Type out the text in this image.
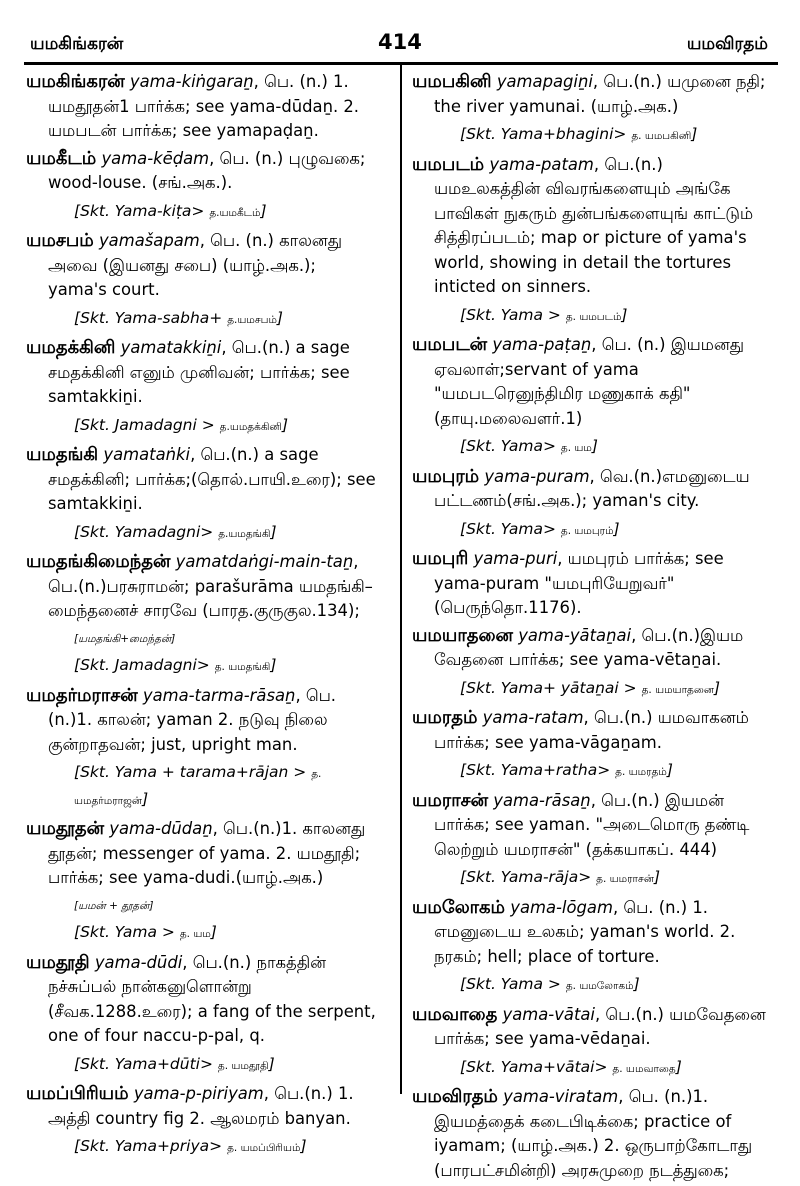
யமகிங்கரன்	414	யமவிரதம்

யமகிங்கரன் yama-kiṅgaraṉ, பெ. (n.) 1. யமதூதன்1 பார்க்க; see yama-dūdaṉ. 2. யமபடன் பார்க்க; see yamapaḍaṉ.

யமகீடம் yama-kēḍam, பெ. (n.) புழுவகை; wood-louse. (சங்.அக.).

[Skt. Yama-kiṭa> த.யமகீடம்]

யமசபம் yamašapam, பெ. (n.) காலனது அவை (இயனது சபை) (யாழ்.அக.); yama's court.

[Skt. Yama-sabha+ த.யமசபம்]

யமதக்கினி yamatakkiṉi, பெ.(n.) a sage சமதக்கினி எனும் முனிவன்; பார்க்க; see samtakkiṉi.

[Skt. Jamadagni > த.யமதக்கினி]

யமதங்கி yamataṅki, பெ.(n.) a sage சமதக்கினி; பார்க்க;(தொல்.பாயி.உரை); see samtakkiṉi.

[Skt. Yamadagni> த.யமதங்கி]

யமதங்கிமைந்தன் yamatdaṅgi-main-taṉ, பெ.(n.)பரசுராமன்; parašurāma யமதங்கி– மைந்தனைச் சாரவே (பாரத.குருகுல.134);

[யமதங்கி+மைந்தன்]

[Skt. Jamadagni> த. யமதங்கி]

யமதர்மராசன் yama-tarma-rāsaṉ, பெ.(n.)1. காலன்; yaman 2. நடுவு நிலை குன்றாதவன்; just, upright man.

[Skt. Yama + tarama+rājan > த. யமதர்மராஜன்]

யமதூதன் yama-dūdaṉ, பெ.(n.)1. காலனது தூதன்; messenger of yama. 2. யமதூதி; பார்க்க; see yama-dudi.(யாழ்.அக.)

[யமன் + தூதன்]

[Skt. Yama > த. யம]

யமதூதி yama-dūdi, பெ.(n.) நாகத்தின் நச்சுப்பல் நான்கனுளொன்று (சீவக.1288.உரை); a fang of the serpent, one of four naccu-p-pal, q.

[Skt. Yama+dūti> த. யமதூதி]

யமப்பிரியம் yama-p-piriyam, பெ.(n.) 1. அத்தி country fig 2. ஆலமரம் banyan.

[Skt. Yama+priya> த. யமப்பிரியம்]

யமபகினி yamapagiṉi, பெ.(n.) யமுனை நதி; the river yamunai. (யாழ்.அக.)

[Skt. Yama+bhagini> த. யமபகினி]

யமபடம் yama-patam, பெ.(n.) யமஉலகத்தின் விவரங்களையும் அங்கே பாவிகள் நுகரும் துன்பங்களையுங் காட்டும் சித்திரப்படம்; map or picture of yama's world, showing in detail the tortures inticted on sinners.

[Skt. Yama > த. யமபடம்]

யமபடன் yama-paṭaṉ, பெ. (n.) இயமனது ஏவலாள்;servant of yama "யமபடரெனுந்திமிர மணுகாக் கதி" (தாயு.மலைவளர்.1)

[Skt. Yama> த. யம]

யமபுரம் yama-puram, வெ.(n.)எமனுடைய பட்டணம்(சங்.அக.); yaman's city.

[Skt. Yama> த. யமபுரம்]

யமபுரி yama-puri, யமபுரம் பார்க்க; see yama-puram "யமபுரியேறுவர்" (பெருந்தொ.1176).

யமயாதனை yama-yātaṉai, பெ.(n.)இயம வேதனை பார்க்க; see yama-vētaṉai.

[Skt. Yama+ yātaṉai > த. யமயாதனை]

யமரதம் yama-ratam, பெ.(n.) யமவாகனம் பார்க்க; see yama-vāgaṉam.

[Skt. Yama+ratha> த. யமரதம்]

யமராசன் yama-rāsaṉ, பெ.(n.) இயமன் பார்க்க; see yaman. "அடைமொரு தண்டி லெற்றும் யமராசன்" (தக்கயாகப். 444)

[Skt. Yama-rāja> த. யமராசன்]

யமலோகம் yama-lōgam, பெ. (n.) 1. எமனுடைய உலகம்; yaman's world. 2. நரகம்; hell; place of torture.

[Skt. Yama > த. யமலோகம்]

யமவாதை yama-vātai, பெ.(n.) யமவேதனை பார்க்க; see yama-vēdaṉai.

[Skt. Yama+vātai> த. யமவாதை]

யமவிரதம் yama-viratam, பெ. (n.)1. இயமத்தைக் கடைபிடிக்கை; practice of iyamam; (யாழ்.அக.) 2. ஒருபாற்கோடாது (பாரபட்சமின்றி) அரசுமுறை நடத்துகை;
